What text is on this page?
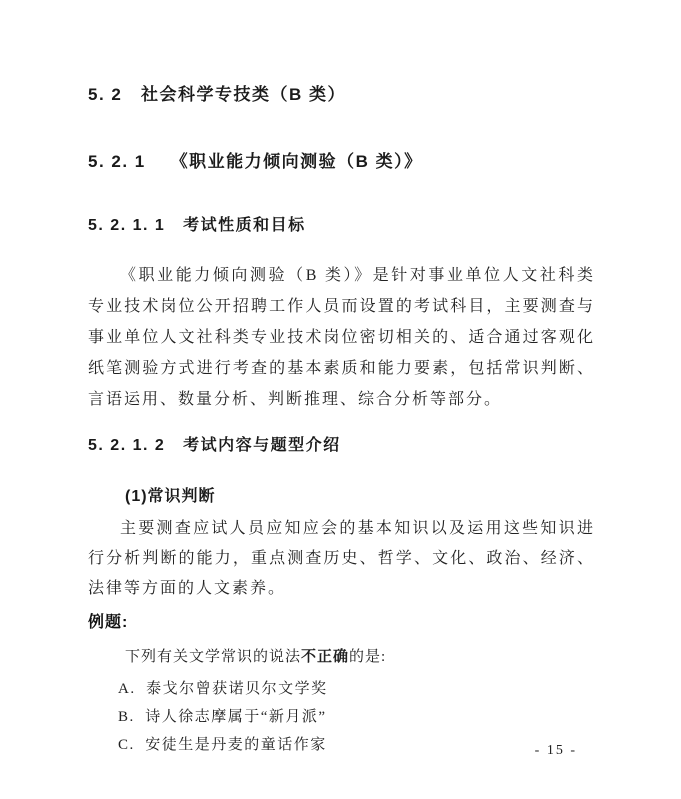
5. 2   社会科学专技类（B 类）
5. 2. 1    《职业能力倾向测验（B 类）》
5. 2. 1. 1   考试性质和目标
《职业能力倾向测验（B 类）》是针对事业单位人文社科类专业技术岗位公开招聘工作人员而设置的考试科目，主要测查与事业单位人文社科类专业技术岗位密切相关的、适合通过客观化纸笔测验方式进行考查的基本素质和能力要素，包括常识判断、言语运用、数量分析、判断推理、综合分析等部分。
5. 2. 1. 2   考试内容与题型介绍
(1)常识判断
主要测查应试人员应知应会的基本知识以及运用这些知识进行分析判断的能力，重点测查历史、哲学、文化、政治、经济、法律等方面的人文素养。
例题:
下列有关文学常识的说法不正确的是:
A.  泰戈尔曾获诺贝尔文学奖
B.  诗人徐志摩属于“新月派”
C.  安徒生是丹麦的童话作家	- 15 -
